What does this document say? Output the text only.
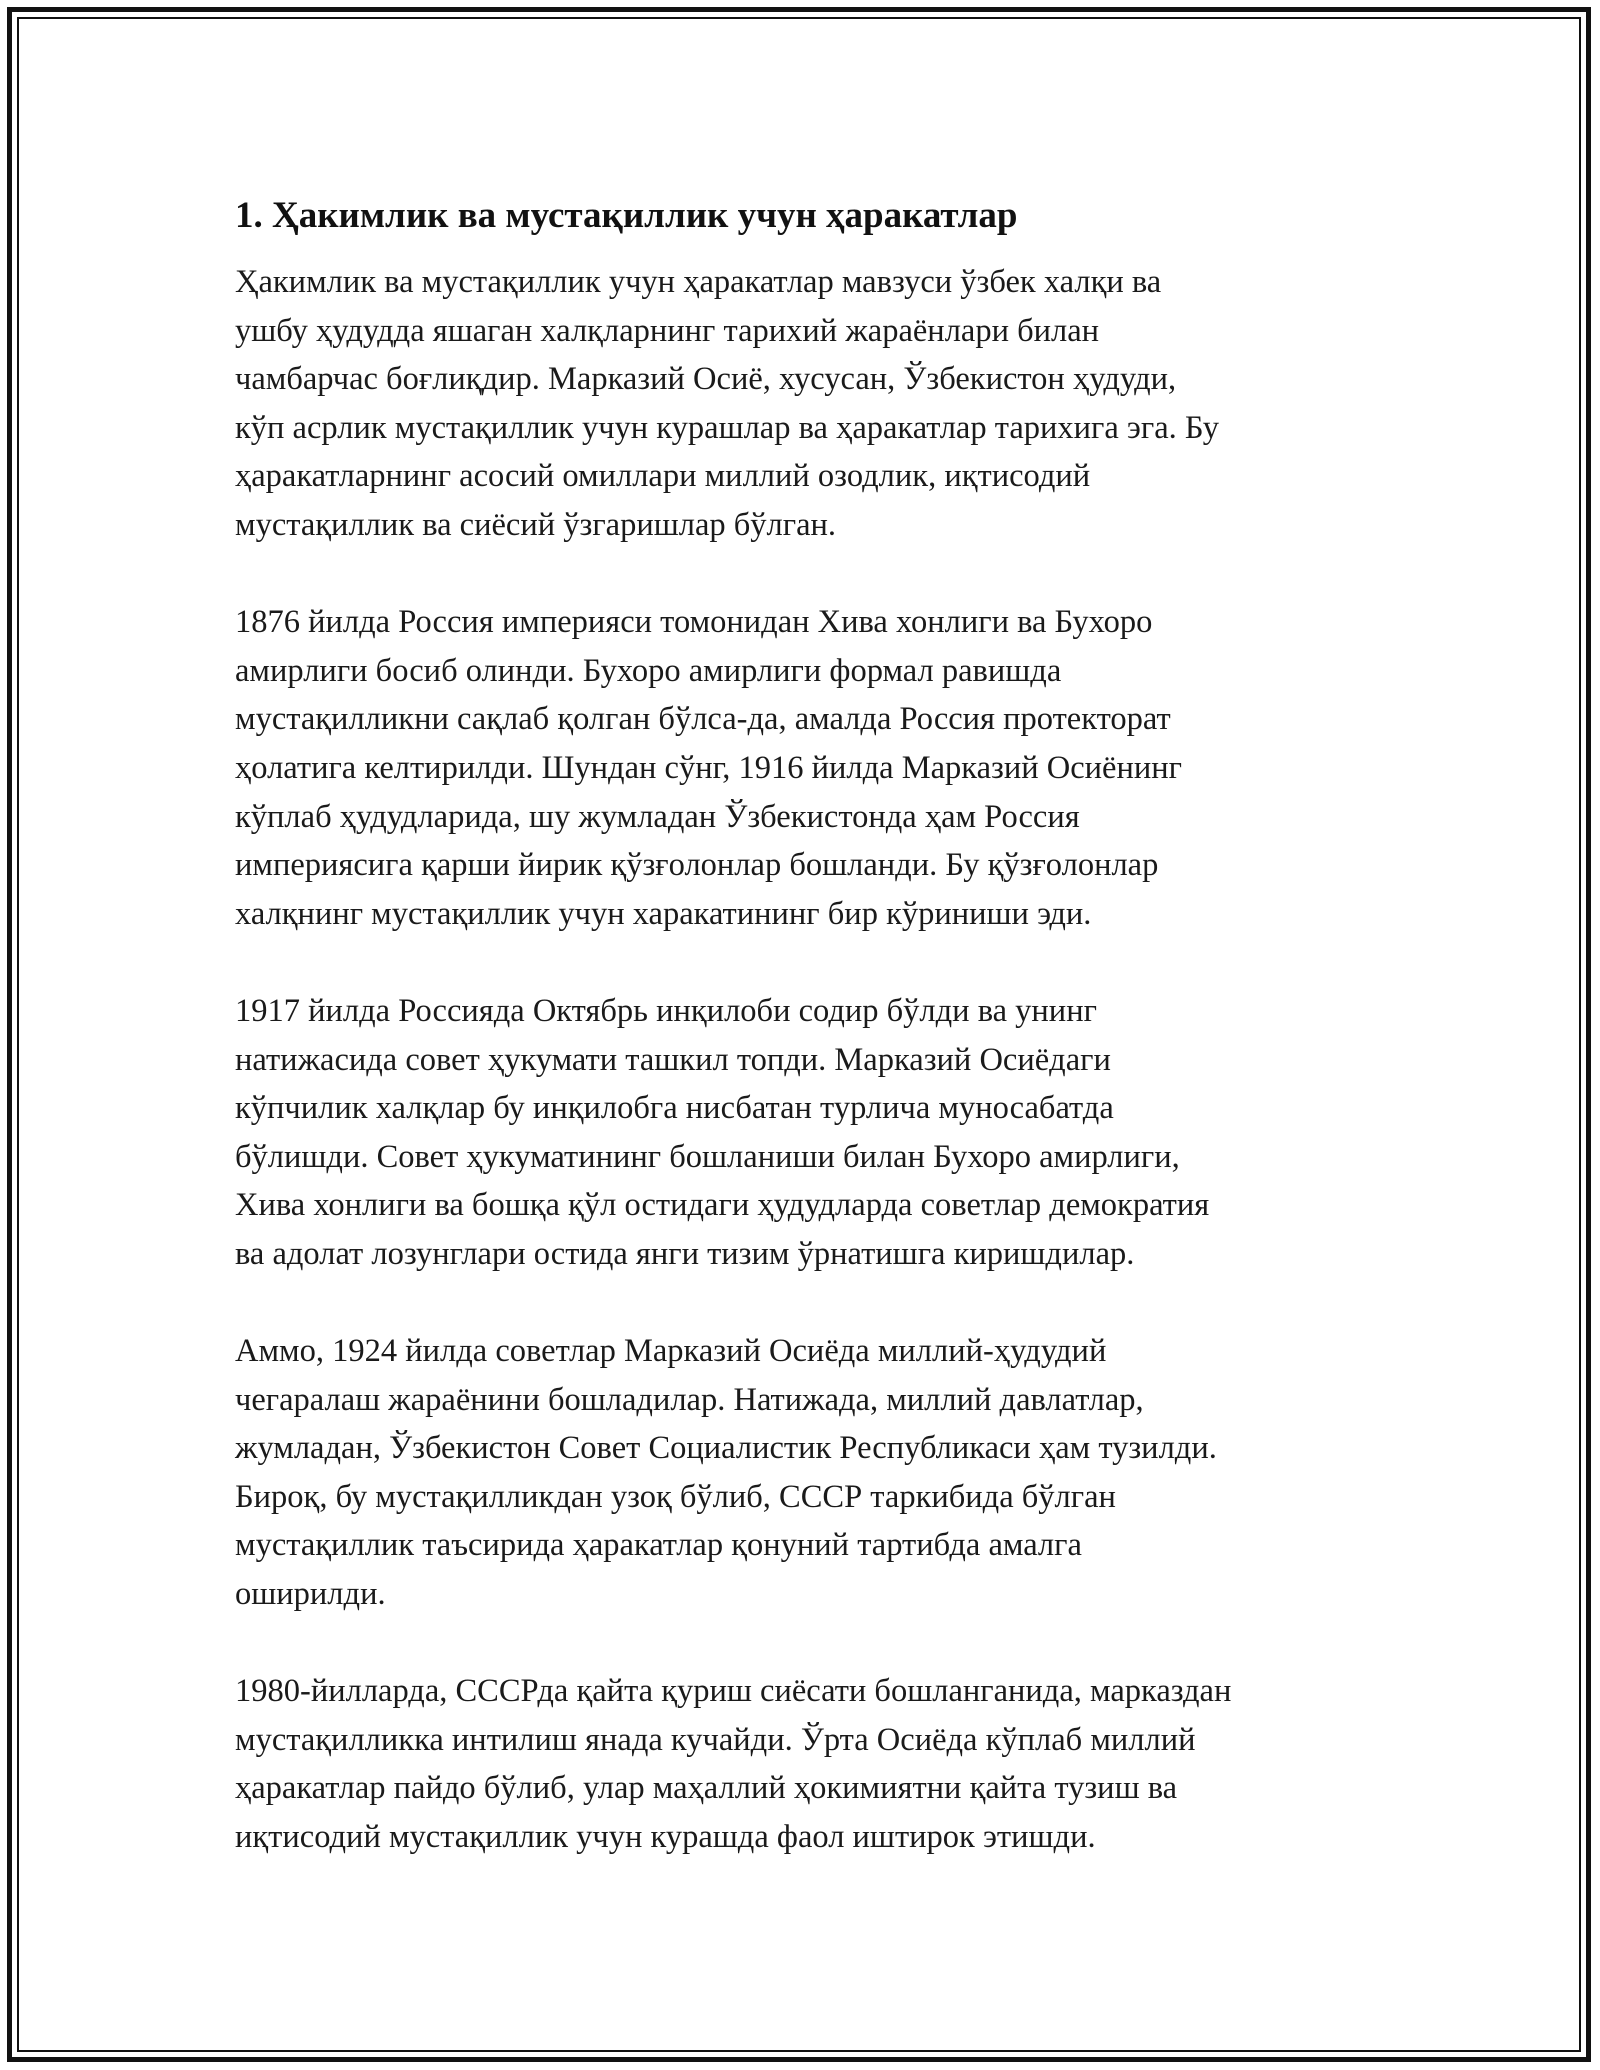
1. Ҳакимлик ва мустақиллик учун ҳаракатлар

Ҳакимлик ва мустақиллик учун ҳаракатлар мавзуси ўзбек халқи ва
ушбу ҳудудда яшаган халқларнинг тарихий жараёнлари билан
чамбарчас боғлиқдир. Марказий Осиё, хусусан, Ўзбекистон ҳудуди,
кўп асрлик мустақиллик учун курашлар ва ҳаракатлар тарихига эга. Бу
ҳаракатларнинг асосий омиллари миллий озодлик, иқтисодий
мустақиллик ва сиёсий ўзгаришлар бўлган.

1876 йилда Россия империяси томонидан Хива хонлиги ва Бухоро
амирлиги босиб олинди. Бухоро амирлиги формал равишда
мустақилликни сақлаб қолган бўлса-да, амалда Россия протекторат
ҳолатига келтирилди. Шундан сўнг, 1916 йилда Марказий Осиёнинг
кўплаб ҳудудларида, шу жумладан Ўзбекистонда ҳам Россия
империясига қарши йирик қўзғолонлар бошланди. Бу қўзғолонлар
халқнинг мустақиллик учун харакатининг бир кўриниши эди.

1917 йилда Россияда Октябрь инқилоби содир бўлди ва унинг
натижасида совет ҳукумати ташкил топди. Марказий Осиёдаги
кўпчилик халқлар бу инқилобга нисбатан турлича муносабатда
бўлишди. Совет ҳукуматининг бошланиши билан Бухоро амирлиги,
Хива хонлиги ва бошқа қўл остидаги ҳудудларда советлар демократия
ва адолат лозунглари остида янги тизим ўрнатишга киришдилар.

Аммо, 1924 йилда советлар Марказий Осиёда миллий-ҳудудий
чегаралаш жараёнини бошладилар. Натижада, миллий давлатлар,
жумладан, Ўзбекистон Совет Социалистик Республикаси ҳам тузилди.
Бироқ, бу мустақилликдан узоқ бўлиб, СССР таркибида бўлган
мустақиллик таъсирида ҳаракатлар қонуний тартибда амалга
оширилди.

1980-йилларда, СССРда қайта қуриш сиёсати бошланганида, марказдан
мустақилликка интилиш янада кучайди. Ўрта Осиёда кўплаб миллий
ҳаракатлар пайдо бўлиб, улар маҳаллий ҳокимиятни қайта тузиш ва
иқтисодий мустақиллик учун курашда фаол иштирок этишди.
